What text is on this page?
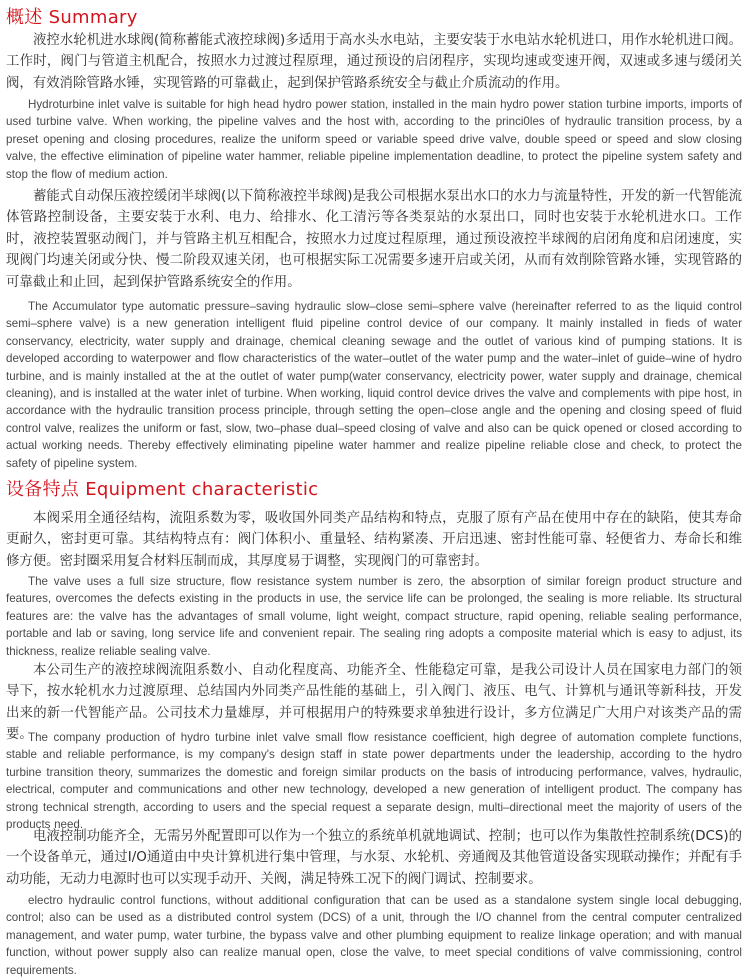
概述 Summary
液控水轮机进水球阀(简称蓄能式液控球阀)多适用于高水头水电站，主要安装于水电站水轮机进口，用作水轮机进口阀。工作时，阀门与管道主机配合，按照水力过渡过程原理，通过预设的启闭程序，实现均速或变速开阀，双速或多速与缓闭关阀，有效消除管路水锤，实现管路的可靠截止，起到保护管路系统安全与截止介质流动的作用。
Hydroturbine inlet valve is suitable for high head hydro power station, installed in the main hydro power station turbine imports, imports of used turbine valve. When working, the pipeline valves and the host with, according to the princi0les of hydraulic transition process, by a preset opening and closing procedures, realize the uniform speed or variable speed drive valve, double speed or speed and slow closing valve, the effective elimination of pipeline water hammer, reliable pipeline implementation deadline, to protect the pipeline system safety and stop the flow of medium action.
蓄能式自动保压液控缓闭半球阀(以下简称液控半球阀)是我公司根据水泵出水口的水力与流量特性，开发的新一代智能流体管路控制设备，主要安装于水利、电力、给排水、化工清污等各类泵站的水泵出口，同时也安装于水轮机进水口。工作时，液控装置驱动阀门，并与管路主机互相配合，按照水力过度过程原理，通过预设液控半球阀的启闭角度和启闭速度，实现阀门均速关闭或分快、慢二阶段双速关闭，也可根据实际工况需要多速开启或关闭，从而有效削除管路水锤，实现管路的可靠截止和止回，起到保护管路系统安全的作用。
The Accumulator type automatic pressure–saving hydraulic slow–close semi–sphere valve (hereinafter referred to as the liquid control semi–sphere valve) is a new generation intelligent fluid pipeline control device of our company. It mainly installed in fieds of water conservancy, electricity, water supply and drainage, chemical cleaning sewage and the outlet of various kind of pumping stations. It is developed according to waterpower and flow characteristics of the water–outlet of the water pump and the water–inlet of guide–wine of hydro turbine, and is mainly installed at the at the outlet of water pump(water conservancy, electricity power, water supply and drainage, chemical cleaning), and is installed at the water inlet of turbine. When working, liquid control device drives the valve and complements with pipe host, in accordance with the hydraulic transition process principle, through setting the open–close angle and the opening and closing speed of fluid control valve, realizes the uniform or fast, slow, two–phase dual–speed closing of valve and also can be quick opened or closed according to actual working needs. Thereby effectively eliminating pipeline water hammer and realize pipeline reliable close and check, to protect the safety of pipeline system.
设备特点 Equipment characteristic
本阀采用全通径结构，流阻系数为零，吸收国外同类产品结构和特点，克服了原有产品在使用中存在的缺陷，使其寿命更耐久，密封更可靠。其结构特点有：阀门体积小、重量轻、结构紧凑、开启迅速、密封性能可靠、轻便省力、寿命长和维修方便。密封圈采用复合材料压制而成，其厚度易于调整，实现阀门的可靠密封。
The valve uses a full size structure, flow resistance system number is zero, the absorption of similar foreign product structure and features, overcomes the defects existing in the products in use, the service life can be prolonged, the sealing is more reliable. Its structural features are: the valve has the advantages of small volume, light weight, compact structure, rapid opening, reliable sealing performance, portable and lab or saving, long service life and convenient repair. The sealing ring adopts a composite material which is easy to adjust, its thickness, realize reliable sealing valve.
本公司生产的液控球阀流阻系数小、自动化程度高、功能齐全、性能稳定可靠，是我公司设计人员在国家电力部门的领导下，按水轮机水力过渡原理、总结国内外同类产品性能的基础上，引入阀门、液压、电气、计算机与通讯等新科技，开发出来的新一代智能产品。公司技术力量雄厚，并可根据用户的特殊要求单独进行设计，多方位满足广大用户对该类产品的需要。
The company production of hydro turbine inlet valve small flow resistance coefficient, high degree of automation complete functions, stable and reliable performance, is my company's design staff in state power departments under the leadership, according to the hydro turbine transition theory, summarizes the domestic and foreign similar products on the basis of introducing performance, valves, hydraulic, electrical, computer and communications and other new technology, developed a new generation of intelligent product. The company has strong technical strength, according to users and the special request a separate design, multi–directional meet the majority of users of the products need.
电液控制功能齐全，无需另外配置即可以作为一个独立的系统单机就地调试、控制；也可以作为集散性控制系统(DCS)的一个设备单元，通过I/O通道由中央计算机进行集中管理，与水泵、水轮机、旁通阀及其他管道设备实现联动操作；并配有手动功能，无动力电源时也可以实现手动开、关阀，满足特殊工况下的阀门调试、控制要求。
electro hydraulic control functions, without additional configuration that can be used as a standalone system single local debugging, control; also can be used as a distributed control system (DCS) of a unit, through the I/O channel from the central computer centralized management, and water pump, water turbine, the bypass valve and other plumbing equipment to realize linkage operation; and with manual function, without power supply also can realize manual open, close the valve, to meet special conditions of valve commissioning, control requirements.
